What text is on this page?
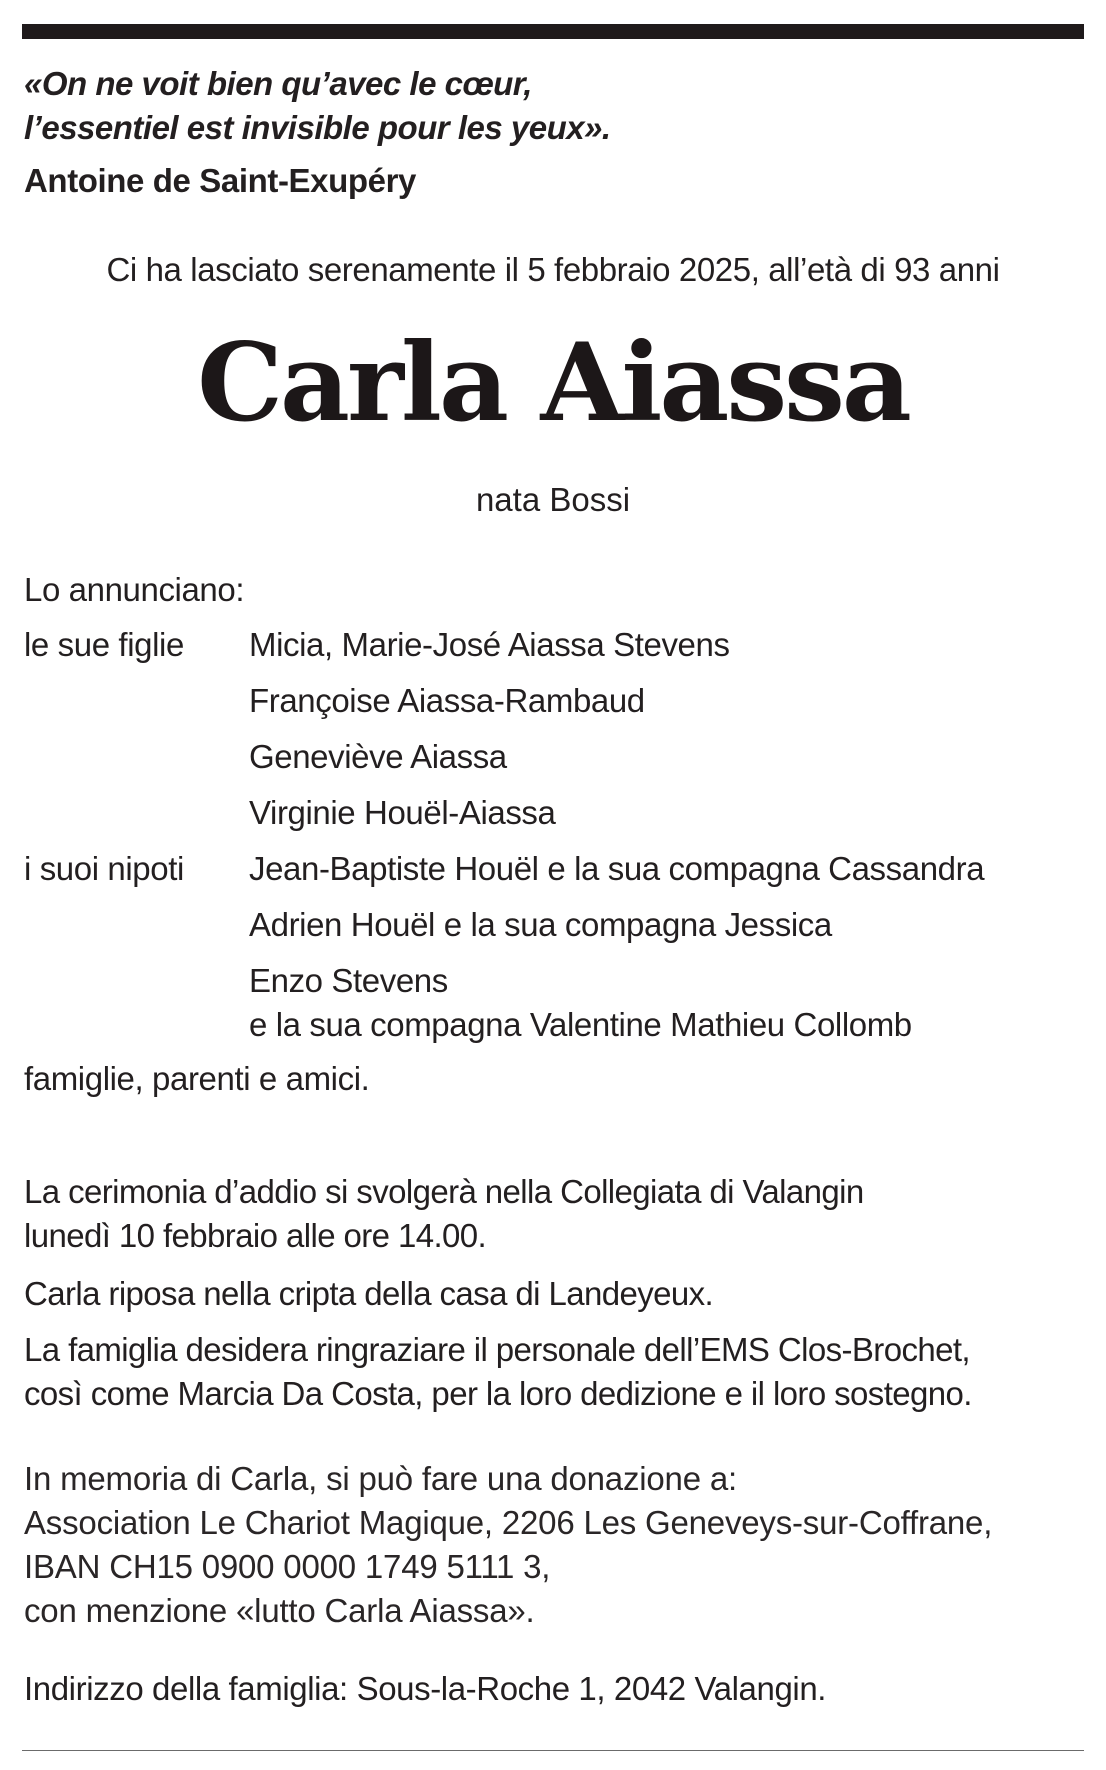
«On ne voit bien qu’avec le cœur,
l’essentiel est invisible pour les yeux».
Antoine de Saint-Exupéry
Ci ha lasciato serenamente il 5 febbraio 2025, all’età di 93 anni
Carla Aiassa
nata Bossi
Lo annunciano:
le sue figlie Micia, Marie-José Aiassa Stevens
Françoise Aiassa-Rambaud
Geneviève Aiassa
Virginie Houël-Aiassa
i suoi nipoti Jean-Baptiste Houël e la sua compagna Cassandra
Adrien Houël e la sua compagna Jessica
Enzo Stevens
e la sua compagna Valentine Mathieu Collomb
famiglie, parenti e amici.
La cerimonia d’addio si svolgerà nella Collegiata di Valangin
lunedì 10 febbraio alle ore 14.00.
Carla riposa nella cripta della casa di Landeyeux.
La famiglia desidera ringraziare il personale dell’EMS Clos-Brochet,
così come Marcia Da Costa, per la loro dedizione e il loro sostegno.
In memoria di Carla, si può fare una donazione a:
Association Le Chariot Magique, 2206 Les Geneveys-sur-Coffrane,
IBAN CH15 0900 0000 1749 5111 3,
con menzione «lutto Carla Aiassa».
Indirizzo della famiglia: Sous-la-Roche 1, 2042 Valangin.
